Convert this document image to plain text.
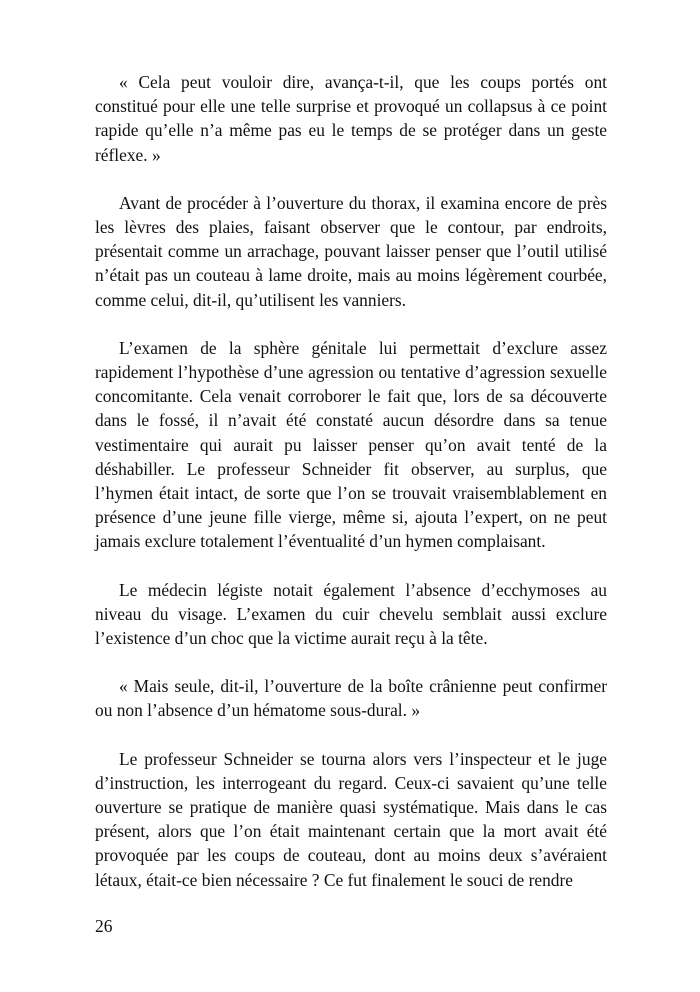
« Cela peut vouloir dire, avança-t-il, que les coups portés ont constitué pour elle une telle surprise et provoqué un collapsus à ce point rapide qu’elle n’a même pas eu le temps de se protéger dans un geste réflexe. »

Avant de procéder à l’ouverture du thorax, il examina encore de près les lèvres des plaies, faisant observer que le contour, par endroits, présentait comme un arrachage, pouvant laisser penser que l’outil utilisé n’était pas un couteau à lame droite, mais au moins légèrement courbée, comme celui, dit-il, qu’utilisent les vanniers.

L’examen de la sphère génitale lui permettait d’exclure assez rapidement l’hypothèse d’une agression ou tentative d’agression sexuelle concomitante. Cela venait corroborer le fait que, lors de sa découverte dans le fossé, il n’avait été constaté aucun désordre dans sa tenue vestimentaire qui aurait pu laisser penser qu’on avait tenté de la déshabiller. Le professeur Schneider fit observer, au surplus, que l’hymen était intact, de sorte que l’on se trouvait vraisemblablement en présence d’une jeune fille vierge, même si, ajouta l’expert, on ne peut jamais exclure totalement l’éventualité d’un hymen complaisant.

Le médecin légiste notait également l’absence d’ecchymoses au niveau du visage. L’examen du cuir chevelu semblait aussi exclure l’existence d’un choc que la victime aurait reçu à la tête.

« Mais seule, dit-il, l’ouverture de la boîte crânienne peut confirmer ou non l’absence d’un hématome sous-dural. »

Le professeur Schneider se tourna alors vers l’inspecteur et le juge d’instruction, les interrogeant du regard. Ceux-ci savaient qu’une telle ouverture se pratique de manière quasi systématique. Mais dans le cas présent, alors que l’on était maintenant certain que la mort avait été provoquée par les coups de couteau, dont au moins deux s’avéraient létaux, était-ce bien nécessaire ? Ce fut finalement le souci de rendre

26
